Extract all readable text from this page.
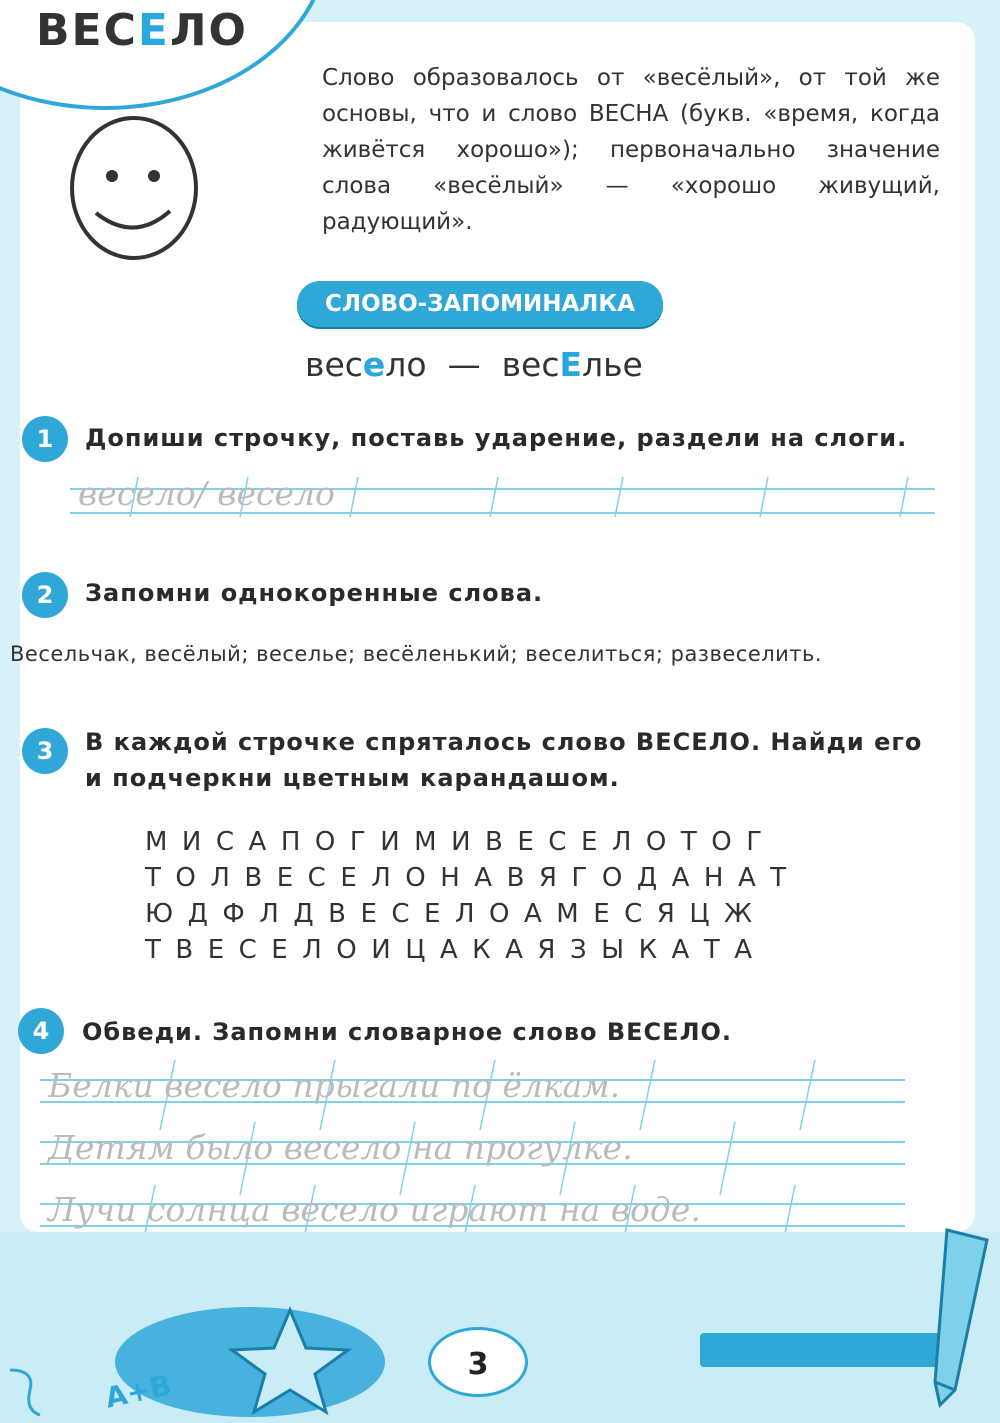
ВЕСЕЛО
Слово образовалось от «весёлый», от той же основы, что и слово ВЕСНА (букв. «время, когда живётся хорошо»); первоначально значение слова «весёлый» — «хорошо живущий, радующий».
СЛОВО-ЗАПОМИНАЛКА
весело — весЕлье
1	Допиши строчку, поставь ударение, раздели на слоги.
весело/ весело
2	Запомни однокоренные слова.
Весельчак, весёлый; веселье; весёленький; веселиться; развеселить.
3	В каждой строчке спряталось слово ВЕСЕЛО. Найди его и подчеркни цветным карандашом.
МИСАПОГИМИВЕСЕЛОТОГ
ТОЛВЕСЕЛОНАВЯГОДАНАТ
ЮДФЛДВЕСЕЛОАМЕСЯЦЖ
ТВЕСЕЛОИЦАКАЯЗЫКАТА
4	Обведи. Запомни словарное слово ВЕСЕЛО.
Белки весело прыгали по ёлкам.
Детям было весело на прогулке.
Лучи солнца весело играют на воде.
A+B
3
